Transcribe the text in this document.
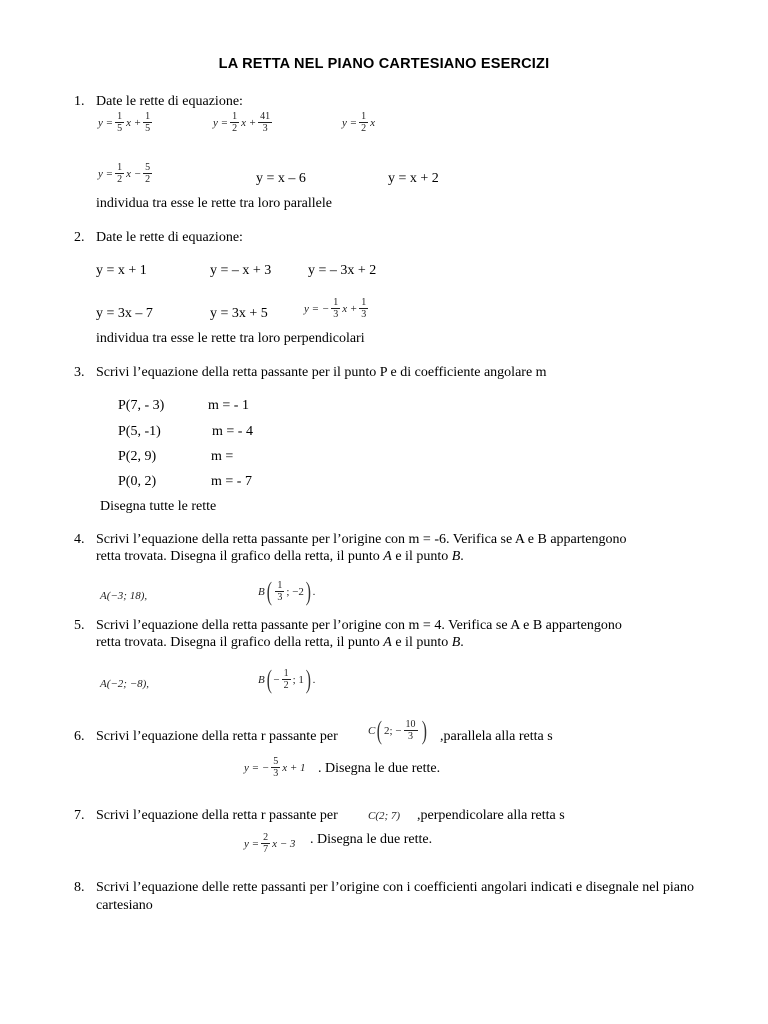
LA RETTA NEL PIANO CARTESIANO ESERCIZI
1. Date le rette di equazione:
$y = \frac{1}{5}$ $x + \frac{1}{5}$	$y = \frac{1}{2}$ $x + \frac{41}{3}$	$y = \frac{1}{2}$ x
$y = \frac{1}{2}$ $x - \frac{5}{2}$	y = x – 6	y = x + 2
individua tra esse le rette tra loro parallele
2. Date le rette di equazione:
y = x + 1	y = – x + 3	y = – 3x + 2
y = 3x – 7	y = 3x + 5	y = − $\frac{1}{3}$ $x + \frac{1}{3}$
individua tra esse le rette tra loro perpendicolari
3. Scrivi l’equazione della retta passante per il punto P e di coefficiente angolare m
P(7, - 3)	m = - 1
P(5, -1)	m = - 4
P(2, 9)	m =
P(0, 2)	m = - 7
Disegna tutte le rette
4. Scrivi l’equazione della retta passante per l’origine con m = -6. Verifica se A e B appartengono
retta trovata. Disegna il grafico della retta, il punto A e il punto B.
A(−3; 18),	B ( $\frac{1}{3}$ ; −2 ) .
5. Scrivi l’equazione della retta passante per l’origine con m = 4. Verifica se A e B appartengono
retta trovata. Disegna il grafico della retta, il punto A e il punto B.
A(−2; −8),	B ( − $\frac{1}{2}$ ; 1 ) .
6. Scrivi l’equazione della retta r passante per	C ( 2; − $\frac{10}{3}$ ) ,parallela alla retta s
y = − $\frac{5}{3}$ x + 1 . Disegna le due rette.
7. Scrivi l’equazione della retta r passante per	C(2; 7) ,perpendicolare alla retta s
$y = \frac{2}{7}$ x − 3 . Disegna le due rette.
8. Scrivi l’equazione delle rette passanti per l’origine con i coefficienti angolari indicati e disegnale nel piano cartesiano
